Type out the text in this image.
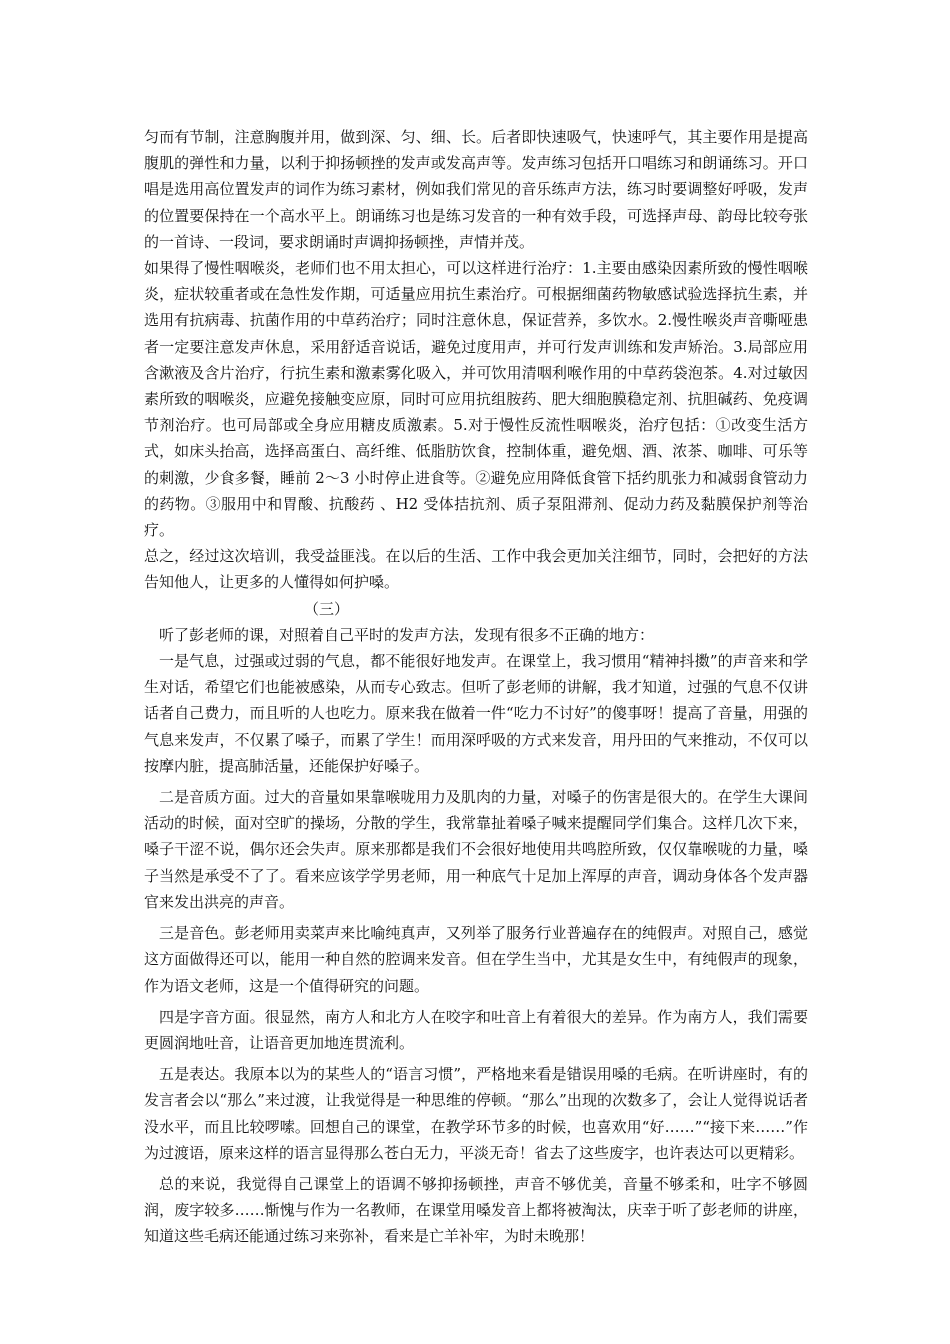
匀而有节制，注意胸腹并用，做到深、匀、细、长。后者即快速吸气，快速呼气，其主要作用是提高腹肌的弹性和力量，以利于抑扬顿挫的发声或发高声等。发声练习包括开口唱练习和朗诵练习。开口唱是选用高位置发声的词作为练习素材，例如我们常见的音乐练声方法，练习时要调整好呼吸，发声的位置要保持在一个高水平上。朗诵练习也是练习发音的一种有效手段，可选择声母、韵母比较夸张的一首诗、一段词，要求朗诵时声调抑扬顿挫，声情并茂。

如果得了慢性咽喉炎，老师们也不用太担心，可以这样进行治疗：1.主要由感染因素所致的慢性咽喉炎，症状较重者或在急性发作期，可适量应用抗生素治疗。可根据细菌药物敏感试验选择抗生素，并选用有抗病毒、抗菌作用的中草药治疗；同时注意休息，保证营养，多饮水。2.慢性喉炎声音嘶哑患者一定要注意发声休息，采用舒适音说话，避免过度用声，并可行发声训练和发声矫治。3.局部应用含漱液及含片治疗，行抗生素和激素雾化吸入，并可饮用清咽利喉作用的中草药袋泡茶。4.对过敏因素所致的咽喉炎，应避免接触变应原，同时可应用抗组胺药、肥大细胞膜稳定剂、抗胆碱药、免疫调节剂治疗。也可局部或全身应用糖皮质激素。5.对于慢性反流性咽喉炎，治疗包括：①改变生活方式，如床头抬高，选择高蛋白、高纤维、低脂肪饮食，控制体重，避免烟、酒、浓茶、咖啡、可乐等的刺激，少食多餐，睡前 2～3 小时停止进食等。②避免应用降低食管下括约肌张力和减弱食管动力的药物。③服用中和胃酸、抗酸药 、H2 受体拮抗剂、质子泵阻滞剂、促动力药及黏膜保护剂等治疗。

总之，经过这次培训，我受益匪浅。在以后的生活、工作中我会更加关注细节，同时，会把好的方法告知他人，让更多的人懂得如何护嗓。

（三）

听了彭老师的课，对照着自己平时的发声方法，发现有很多不正确的地方：

一是气息，过强或过弱的气息，都不能很好地发声。在课堂上，我习惯用“精神抖擞”的声音来和学生对话，希望它们也能被感染，从而专心致志。但听了彭老师的讲解，我才知道，过强的气息不仅讲话者自己费力，而且听的人也吃力。原来我在做着一件“吃力不讨好”的傻事呀！提高了音量，用强的气息来发声，不仅累了嗓子，而累了学生！而用深呼吸的方式来发音，用丹田的气来推动，不仅可以按摩内脏，提高肺活量，还能保护好嗓子。

二是音质方面。过大的音量如果靠喉咙用力及肌肉的力量，对嗓子的伤害是很大的。在学生大课间活动的时候，面对空旷的操场，分散的学生，我常靠扯着嗓子喊来提醒同学们集合。这样几次下来，嗓子干涩不说，偶尔还会失声。原来那都是我们不会很好地使用共鸣腔所致，仅仅靠喉咙的力量，嗓子当然是承受不了了。看来应该学学男老师，用一种底气十足加上浑厚的声音，调动身体各个发声器官来发出洪亮的声音。

三是音色。彭老师用卖菜声来比喻纯真声，又列举了服务行业普遍存在的纯假声。对照自己，感觉这方面做得还可以，能用一种自然的腔调来发音。但在学生当中，尤其是女生中，有纯假声的现象，作为语文老师，这是一个值得研究的问题。

四是字音方面。很显然，南方人和北方人在咬字和吐音上有着很大的差异。作为南方人，我们需要更圆润地吐音，让语音更加地连贯流利。

五是表达。我原本以为的某些人的“语言习惯”，严格地来看是错误用嗓的毛病。在听讲座时，有的发言者会以“那么”来过渡，让我觉得是一种思维的停顿。“那么”出现的次数多了，会让人觉得说话者没水平，而且比较啰嗦。回想自己的课堂，在教学环节多的时候，也喜欢用“好……”“接下来……”作为过渡语，原来这样的语言显得那么苍白无力，平淡无奇！省去了这些废字，也许表达可以更精彩。

总的来说，我觉得自己课堂上的语调不够抑扬顿挫，声音不够优美，音量不够柔和，吐字不够圆润，废字较多……惭愧与作为一名教师，在课堂用嗓发音上都将被淘汰，庆幸于听了彭老师的讲座，知道这些毛病还能通过练习来弥补，看来是亡羊补牢，为时未晚那！
